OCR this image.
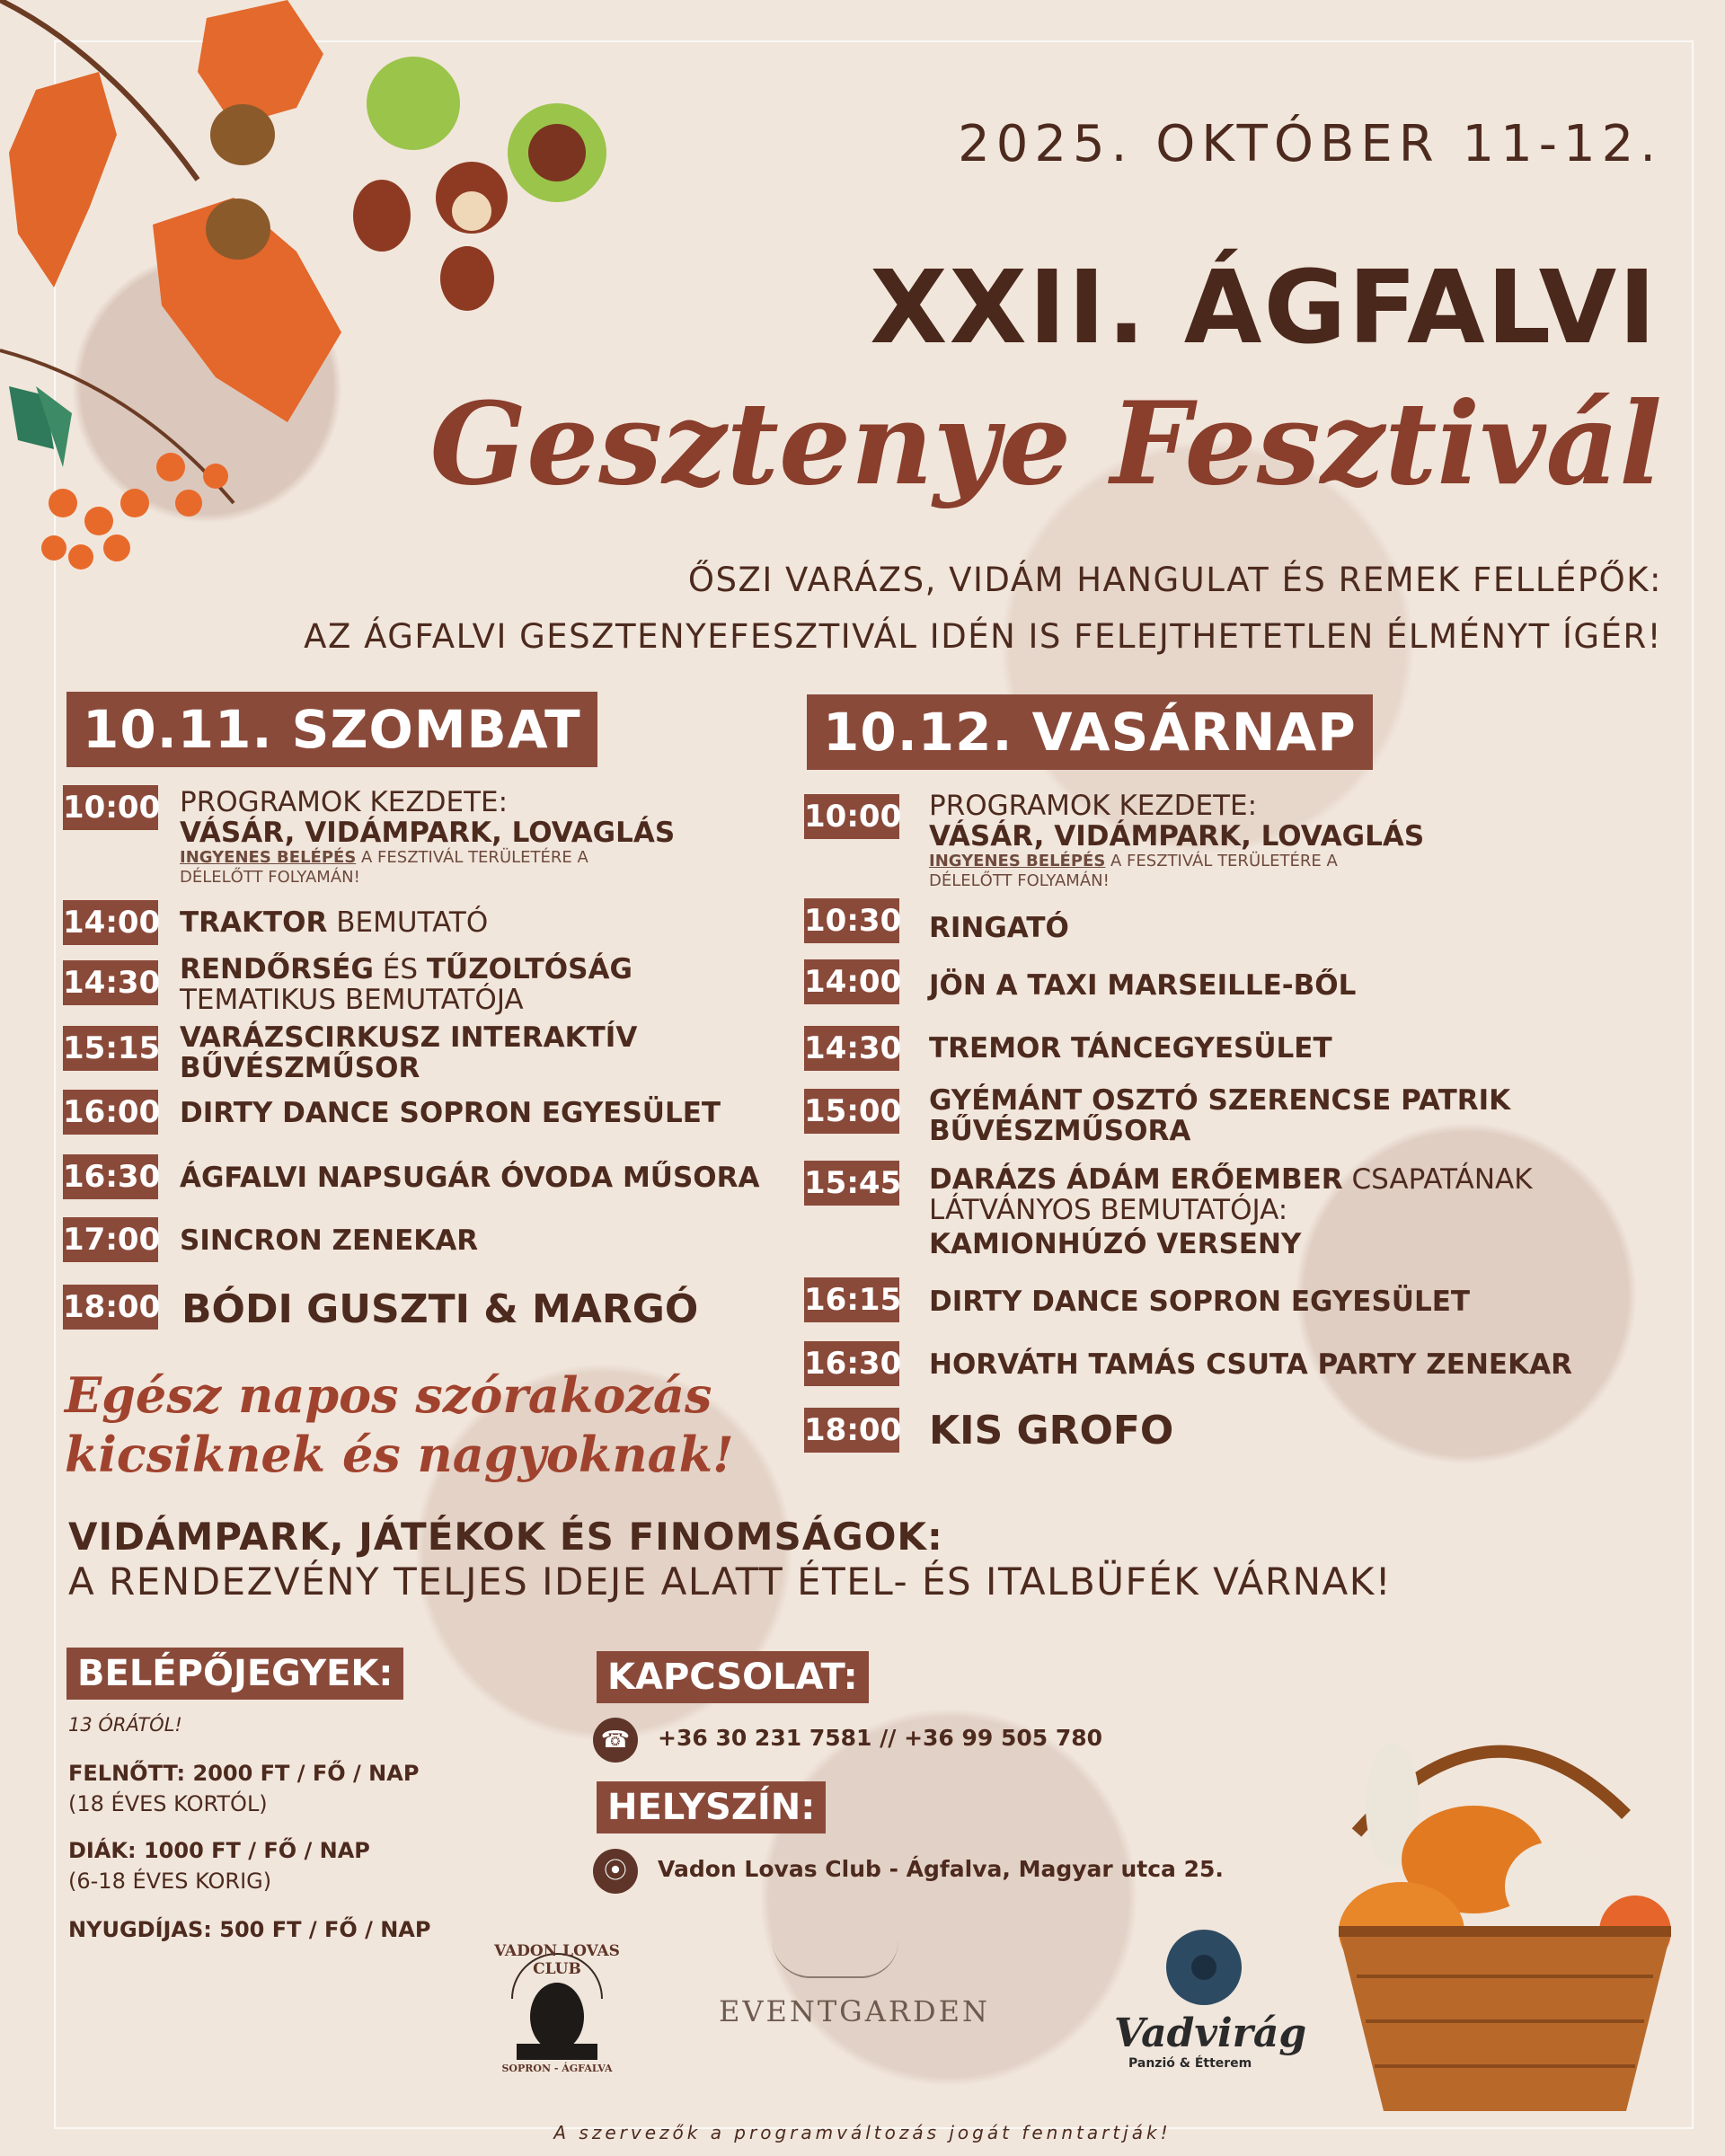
2025. OKTÓBER 11-12.
XXII. ÁGFALVI
Gesztenye Fesztivál
ŐSZI VARÁZS, VIDÁM HANGULAT ÉS REMEK FELLÉPŐK:
AZ ÁGFALVI GESZTENYEFESZTIVÁL IDÉN IS FELEJTHETETLEN ÉLMÉNYT ÍGÉR!
10.11. SZOMBAT
10:00 PROGRAMOK KEZDETE:
VÁSÁR, VIDÁMPARK, LOVAGLÁS
INGYENES BELÉPÉS A FESZTIVÁL TERÜLETÉRE A
DÉLELŐTT FOLYAMÁN!
14:00 TRAKTOR BEMUTATÓ
14:30 RENDŐRSÉG ÉS TŰZOLTÓSÁG
TEMATIKUS BEMUTATÓJA
15:15 VARÁZSCIRKUSZ INTERAKTÍV
BŰVÉSZMŰSOR
16:00 DIRTY DANCE SOPRON EGYESÜLET
16:30 ÁGFALVI NAPSUGÁR ÓVODA MŰSORA
17:00 SINCRON ZENEKAR
18:00 BÓDI GUSZTI & MARGÓ
Egész napos szórakozás
kicsiknek és nagyoknak!
10.12. VASÁRNAP
10:00 PROGRAMOK KEZDETE:
VÁSÁR, VIDÁMPARK, LOVAGLÁS
INGYENES BELÉPÉS A FESZTIVÁL TERÜLETÉRE A
DÉLELŐTT FOLYAMÁN!
10:30 RINGATÓ
14:00 JÖN A TAXI MARSEILLE-BŐL
14:30 TREMOR TÁNCEGYESÜLET
15:00 GYÉMÁNT OSZTÓ SZERENCSE PATRIK
BŰVÉSZMŰSORA
15:45 DARÁZS ÁDÁM ERŐEMBER CSAPATÁNAK
LÁTVÁNYOS BEMUTATÓJA:
KAMIONHÚZÓ VERSENY
16:15 DIRTY DANCE SOPRON EGYESÜLET
16:30 HORVÁTH TAMÁS CSUTA PARTY ZENEKAR
18:00 KIS GROFO
VIDÁMPARK, JÁTÉKOK ÉS FINOMSÁGOK:
A RENDEZVÉNY TELJES IDEJE ALATT ÉTEL- ÉS ITALBÜFÉK VÁRNAK!
BELÉPŐJEGYEK:
13 ÓRÁTÓL!
FELNŐTT: 2000 FT / FŐ / NAP
(18 ÉVES KORTÓL)
DIÁK: 1000 FT / FŐ / NAP
(6-18 ÉVES KORIG)
NYUGDÍJAS: 500 FT / FŐ / NAP
KAPCSOLAT:
☎	+36 30 231 7581 // +36 99 505 780
HELYSZÍN:
⦿	Vadon Lovas Club - Ágfalva, Magyar utca 25.
VADON LOVAS CLUB
SOPRON - ÁGFALVA
EVENTGARDEN	Vadvirág
Panzió & Étterem
A szervezők a programváltozás jogát fenntartják!
